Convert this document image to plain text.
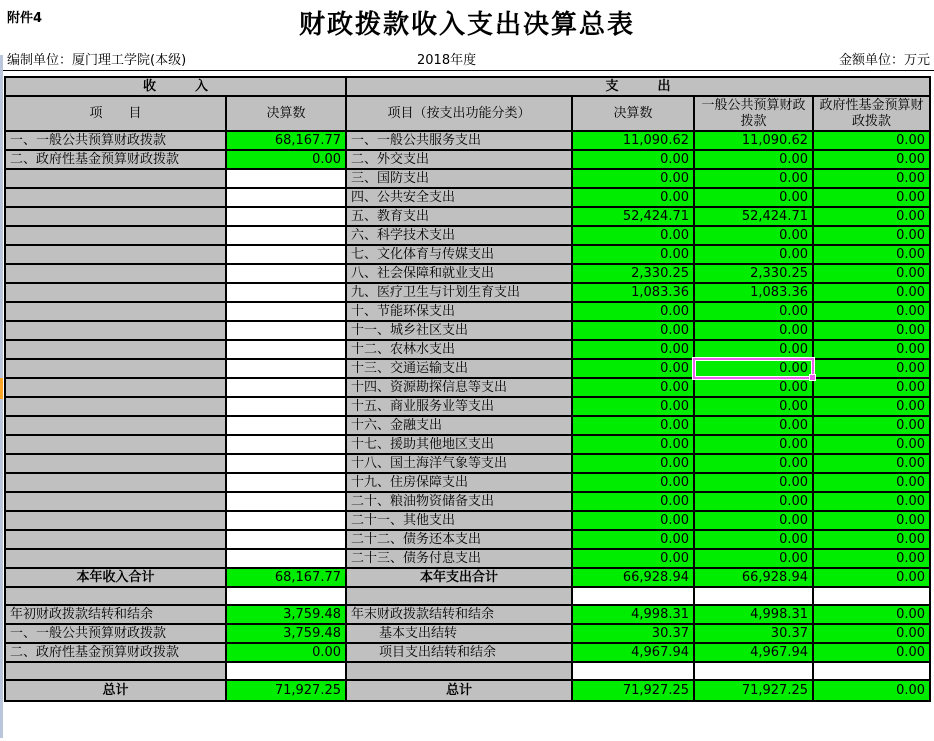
附件4	财政拨款收入支出决算总表
编制单位：厦门理工学院(本级)	2018年度	金额单位：万元
收　　　入		支　　　出			
项　　目	决算数	项目（按支出功能分类）	决算数	一般公共预算财政拨款	政府性基金预算财政拨款
一、一般公共预算财政拨款	68,167.77	一、一般公共服务支出	11,090.62	11,090.62	0.00
二、政府性基金预算财政拨款	0.00	二、外交支出	0.00	0.00	0.00
		三、国防支出	0.00	0.00	0.00
		四、公共安全支出	0.00	0.00	0.00
		五、教育支出	52,424.71	52,424.71	0.00
		六、科学技术支出	0.00	0.00	0.00
		七、文化体育与传媒支出	0.00	0.00	0.00
		八、社会保障和就业支出	2,330.25	2,330.25	0.00
		九、医疗卫生与计划生育支出	1,083.36	1,083.36	0.00
		十、节能环保支出	0.00	0.00	0.00
		十一、城乡社区支出	0.00	0.00	0.00
		十二、农林水支出	0.00	0.00	0.00
		十三、交通运输支出	0.00	0.00	0.00
		十四、资源勘探信息等支出	0.00	0.00	0.00
		十五、商业服务业等支出	0.00	0.00	0.00
		十六、金融支出	0.00	0.00	0.00
		十七、援助其他地区支出	0.00	0.00	0.00
		十八、国土海洋气象等支出	0.00	0.00	0.00
		十九、住房保障支出	0.00	0.00	0.00
		二十、粮油物资储备支出	0.00	0.00	0.00
		二十一、其他支出	0.00	0.00	0.00
		二十二、债务还本支出	0.00	0.00	0.00
		二十三、债务付息支出	0.00	0.00	0.00
本年收入合计	68,167.77	本年支出合计	66,928.94	66,928.94	0.00

年初财政拨款结转和结余	3,759.48	年末财政拨款结转和结余	4,998.31	4,998.31	0.00
一、一般公共预算财政拨款	3,759.48	基本支出结转	30.37	30.37	0.00
二、政府性基金预算财政拨款	0.00	项目支出结转和结余	4,967.94	4,967.94	0.00

总计	71,927.25	总计	71,927.25	71,927.25	0.00
